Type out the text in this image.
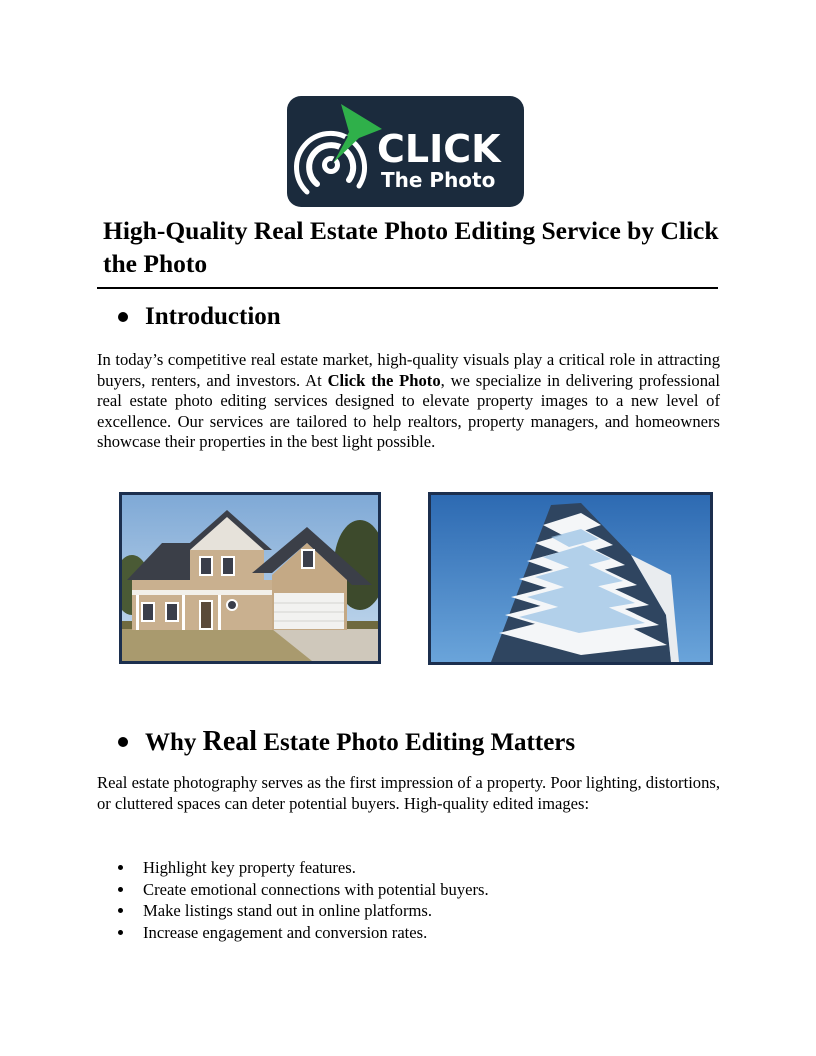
CLICK
The Photo
High-Quality Real Estate Photo Editing Service by Click the Photo
Introduction

In today’s competitive real estate market, high-quality visuals play a critical role in attracting buyers, renters, and investors. At Click the Photo, we specialize in delivering professional real estate photo editing services designed to elevate property images to a new level of excellence. Our services are tailored to help realtors, property managers, and homeowners showcase their properties in the best light possible.

Why Real Estate Photo Editing Matters

Real estate photography serves as the first impression of a property. Poor lighting, distortions, or cluttered spaces can deter potential buyers. High-quality edited images:

Highlight key property features.
Create emotional connections with potential buyers.
Make listings stand out in online platforms.
Increase engagement and conversion rates.
